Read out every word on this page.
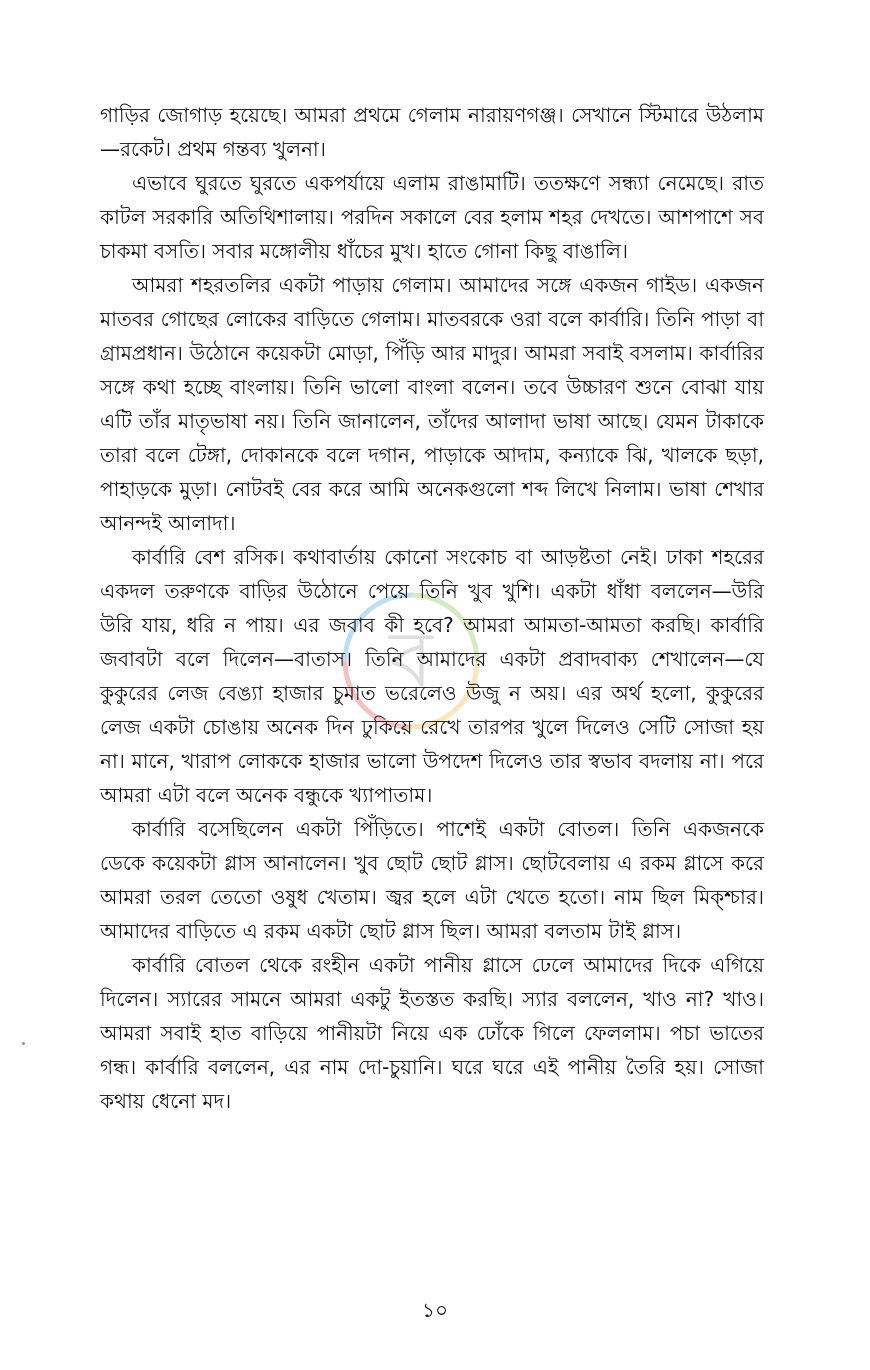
ব

গাড়ির জোগাড় হয়েছে। আমরা প্রথমে গেলাম নারায়ণগঞ্জ। সেখানে স্টিমারে উঠলাম—রকেট। প্রথম গন্তব্য খুলনা।

এভাবে ঘুরতে ঘুরতে একপর্যায়ে এলাম রাঙামাটি। ততক্ষণে সন্ধ্যা নেমেছে। রাত কাটল সরকারি অতিথিশালায়। পরদিন সকালে বের হলাম শহর দেখতে। আশপাশে সব চাকমা বসতি। সবার মঙ্গোলীয় ধাঁচের মুখ। হাতে গোনা কিছু বাঙালি।

আমরা শহরতলির একটা পাড়ায় গেলাম। আমাদের সঙ্গে একজন গাইড। একজন মাতবর গোছের লোকের বাড়িতে গেলাম। মাতবরকে ওরা বলে কার্বারি। তিনি পাড়া বা গ্রামপ্রধান। উঠোনে কয়েকটা মোড়া, পিঁড়ি আর মাদুর। আমরা সবাই বসলাম। কার্বারির সঙ্গে কথা হচ্ছে বাংলায়। তিনি ভালো বাংলা বলেন। তবে উচ্চারণ শুনে বোঝা যায় এটি তাঁর মাতৃভাষা নয়। তিনি জানালেন, তাঁদের আলাদা ভাষা আছে। যেমন টাকাকে তারা বলে টেঙ্গা, দোকানকে বলে দগান, পাড়াকে আদাম, কন্যাকে ঝি, খালকে ছড়া, পাহাড়কে মুড়া। নোটবই বের করে আমি অনেকগুলো শব্দ লিখে নিলাম। ভাষা শেখার আনন্দই আলাদা।

কার্বারি বেশ রসিক। কথাবার্তায় কোনো সংকোচ বা আড়ষ্টতা নেই। ঢাকা শহরের একদল তরুণকে বাড়ির উঠোনে পেয়ে তিনি খুব খুশি। একটা ধাঁধা বললেন—উরি উরি যায়, ধরি ন পায়। এর জবাব কী হবে? আমরা আমতা-আমতা করছি। কার্বারি জবাবটা বলে দিলেন—বাতাস। তিনি আমাদের একটা প্রবাদবাক্য শেখালেন—যে কুকুরের লেজ বেঙ্যা হাজার চুমাত ভরেলেও উজু ন অয়। এর অর্থ হলো, কুকুরের লেজ একটা চোঙায় অনেক দিন ঢুকিয়ে রেখে তারপর খুলে দিলেও সেটি সোজা হয় না। মানে, খারাপ লোককে হাজার ভালো উপদেশ দিলেও তার স্বভাব বদলায় না। পরে আমরা এটা বলে অনেক বন্ধুকে খ্যাপাতাম।

কার্বারি বসেছিলেন একটা পিঁড়িতে। পাশেই একটা বোতল। তিনি একজনকে ডেকে কয়েকটা গ্লাস আনালেন। খুব ছোট ছোট গ্লাস। ছোটবেলায় এ রকম গ্লাসে করে আমরা তরল তেতো ওষুধ খেতাম। জ্বর হলে এটা খেতে হতো। নাম ছিল মিক্‌শ্চার। আমাদের বাড়িতে এ রকম একটা ছোট গ্লাস ছিল। আমরা বলতাম টাই গ্লাস।

কার্বারি বোতল থেকে রংহীন একটা পানীয় গ্লাসে ঢেলে আমাদের দিকে এগিয়ে দিলেন। স্যারের সামনে আমরা একটু ইতস্তত করছি। স্যার বললেন, খাও না? খাও। আমরা সবাই হাত বাড়িয়ে পানীয়টা নিয়ে এক ঢোঁকে গিলে ফেললাম। পচা ভাতের গন্ধ। কার্বারি বললেন, এর নাম দো-চুয়ানি। ঘরে ঘরে এই পানীয় তৈরি হয়। সোজা কথায় ধেনো মদ।

১০
